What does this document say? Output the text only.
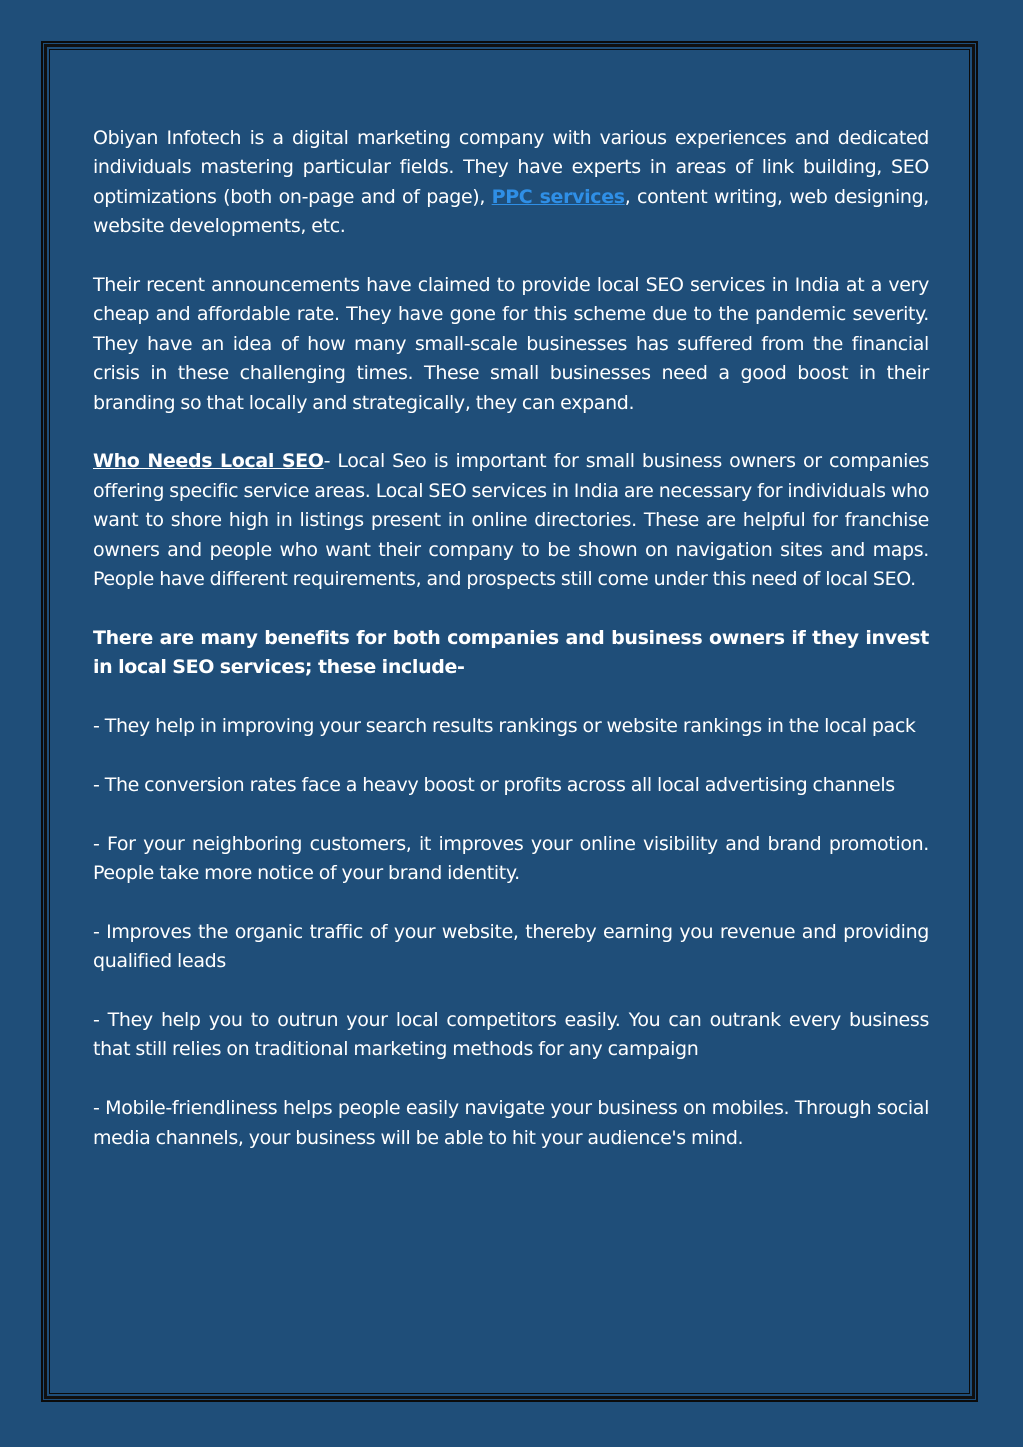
Obiyan Infotech is a digital marketing company with various experiences and dedicated individuals mastering particular fields. They have experts in areas of link building, SEO optimizations (both on-page and of page), PPC services, content writing, web designing, website developments, etc.

Their recent announcements have claimed to provide local SEO services in India at a very cheap and affordable rate. They have gone for this scheme due to the pandemic severity. They have an idea of how many small-scale businesses has suffered from the financial crisis in these challenging times. These small businesses need a good boost in their branding so that locally and strategically, they can expand.

Who Needs Local SEO- Local Seo is important for small business owners or companies offering specific service areas. Local SEO services in India are necessary for individuals who want to shore high in listings present in online directories. These are helpful for franchise owners and people who want their company to be shown on navigation sites and maps. People have different requirements, and prospects still come under this need of local SEO.

There are many benefits for both companies and business owners if they invest in local SEO services; these include-

- They help in improving your search results rankings or website rankings in the local pack

- The conversion rates face a heavy boost or profits across all local advertising channels

- For your neighboring customers, it improves your online visibility and brand promotion. People take more notice of your brand identity.

- Improves the organic traffic of your website, thereby earning you revenue and providing qualified leads

- They help you to outrun your local competitors easily. You can outrank every business that still relies on traditional marketing methods for any campaign

- Mobile-friendliness helps people easily navigate your business on mobiles. Through social media channels, your business will be able to hit your audience's mind.
